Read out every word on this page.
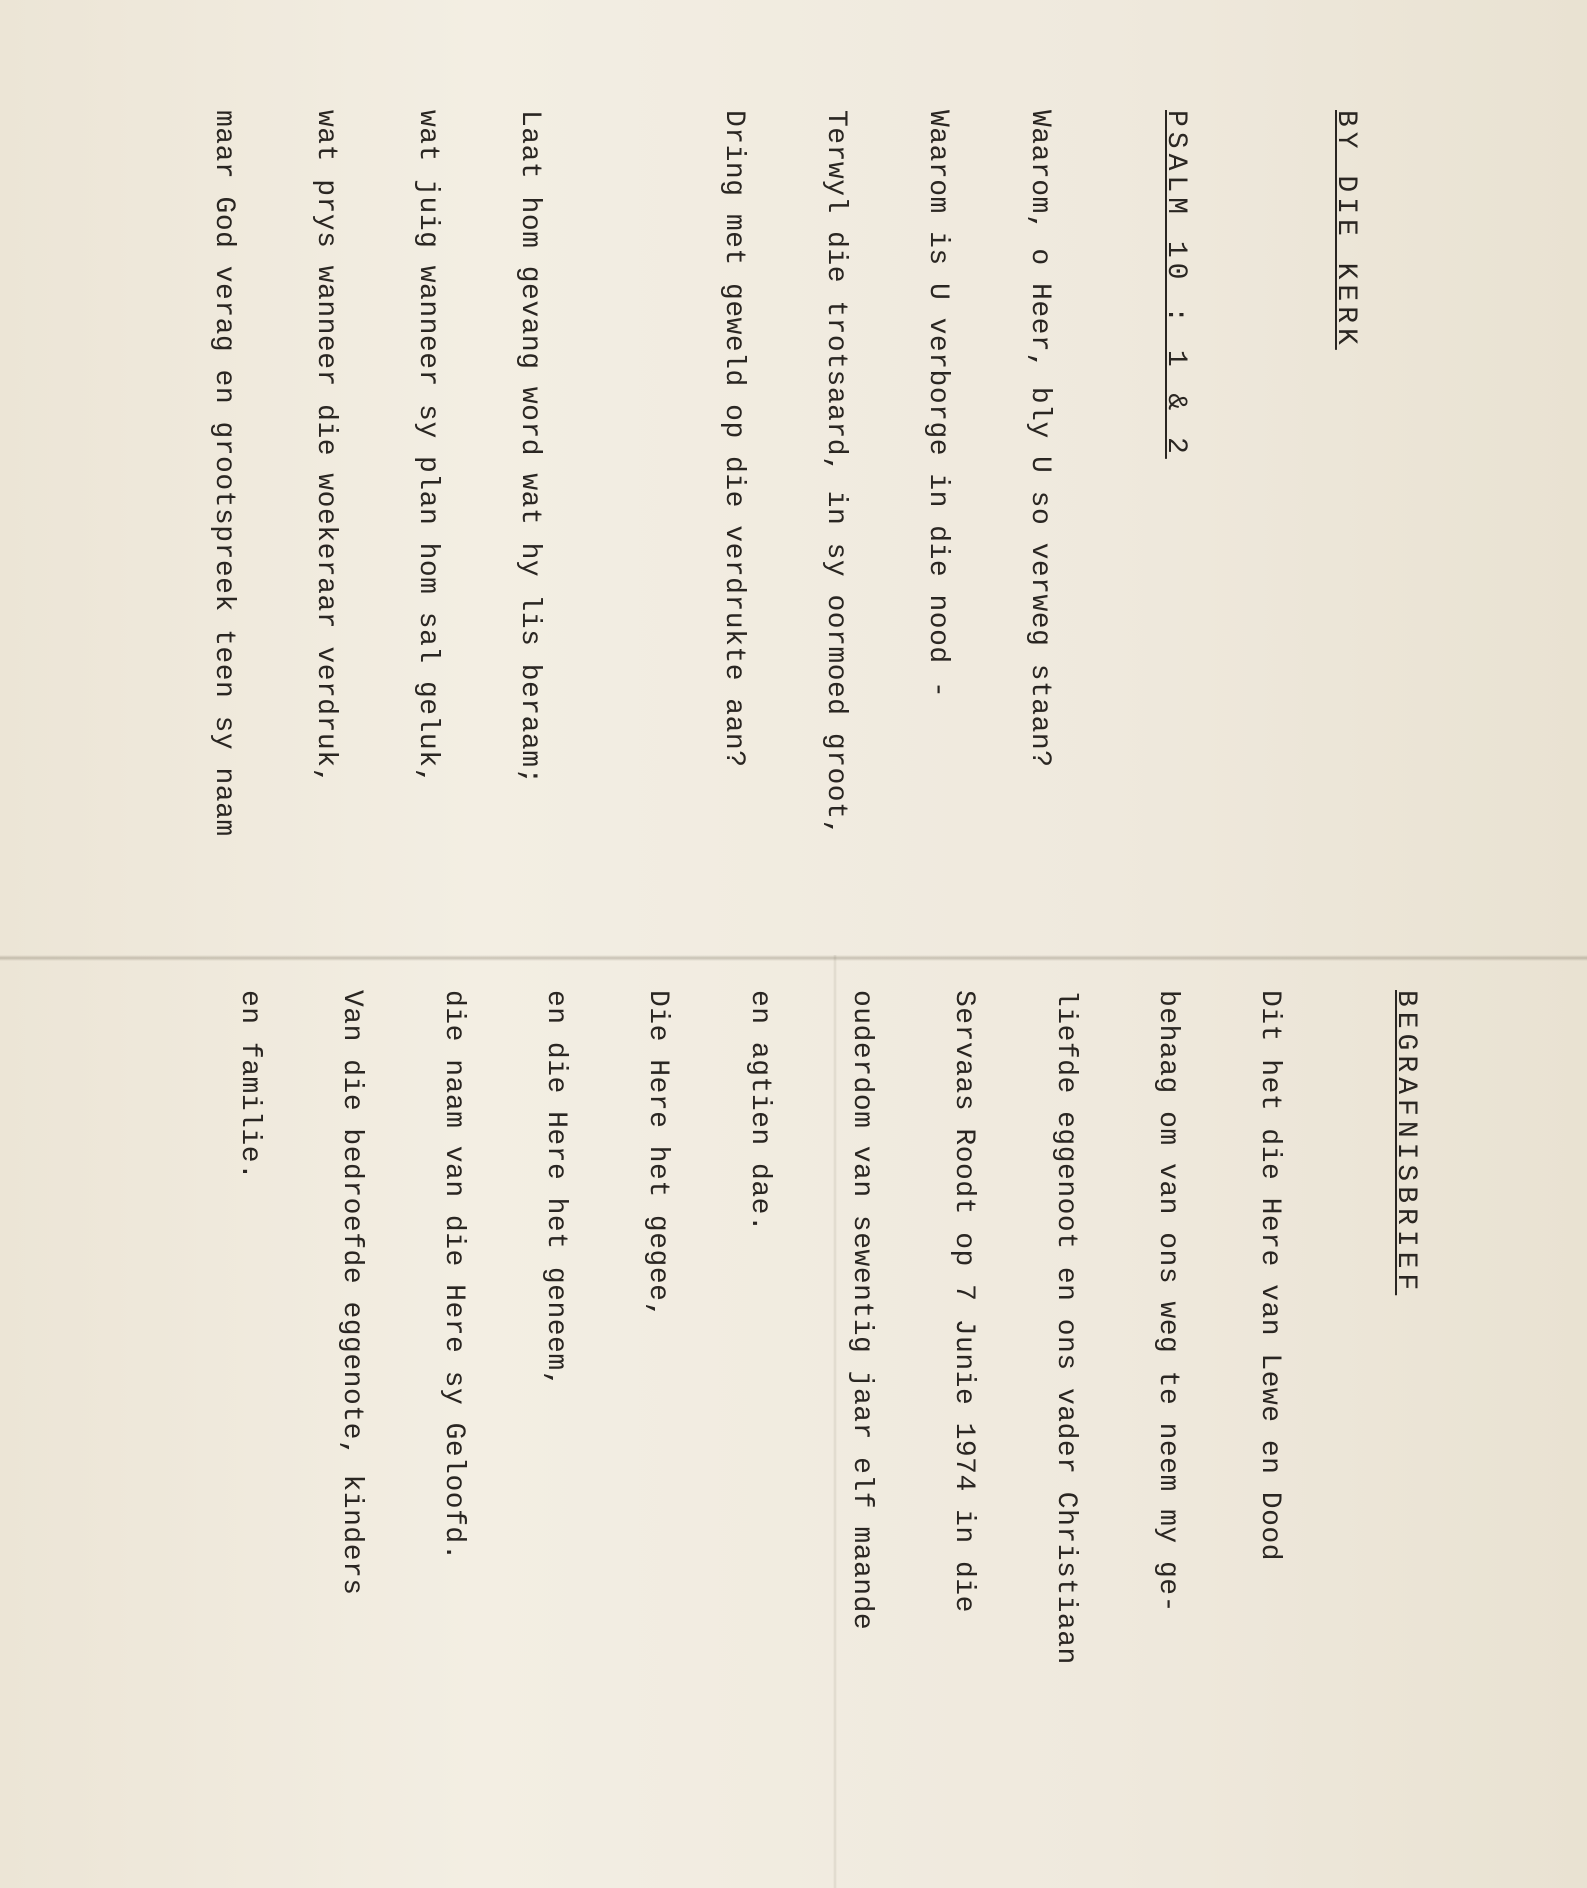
BY DIE KERK

PSALM 10 : 1 & 2

Waarom, o Heer, bly U so verweg staan?

Waarom is U verborge in die nood -

Terwyl die trotsaard, in sy oormoed groot,

Dring met geweld op die verdrukte aan?

Laat hom gevang word wat hy lis beraam;

wat juig wanneer sy plan hom sal geluk,

wat prys wanneer die woekeraar verdruk,

maar God verag en grootspreek teen sy naam

BEGRAFNISBRIEF

Dit het die Here van Lewe en Dood

behaag om van ons weg te neem my ge-

liefde eggenoot en ons vader Christiaan

Servaas Roodt op 7 Junie 1974 in die

ouderdom van sewentig jaar elf maande

en agtien dae.

Die Here het gegee,

en die Here het geneem,

die naam van die Here sy Geloofd.

Van die bedroefde eggenote, kinders

en familie.
